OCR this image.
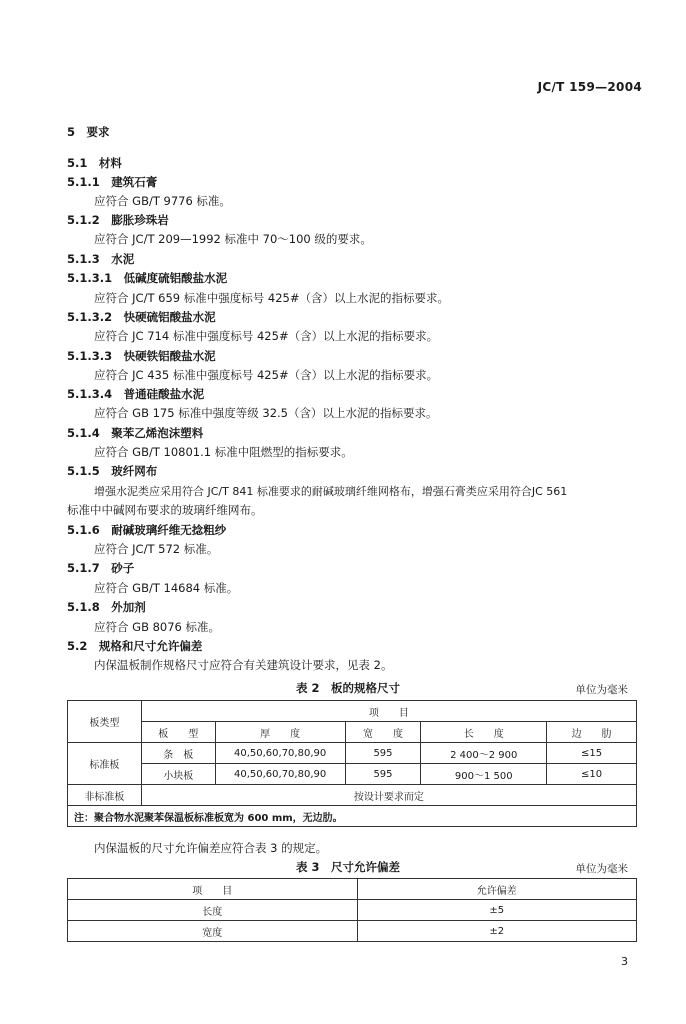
JC/T 159—2004
5　要求
5.1　材料
5.1.1　建筑石膏
应符合 GB/T 9776 标准。
5.1.2　膨胀珍珠岩
应符合 JC/T 209—1992 标准中 70～100 级的要求。
5.1.3　水泥
5.1.3.1　低碱度硫铝酸盐水泥
应符合 JC/T 659 标准中强度标号 425#（含）以上水泥的指标要求。
5.1.3.2　快硬硫铝酸盐水泥
应符合 JC 714 标准中强度标号 425#（含）以上水泥的指标要求。
5.1.3.3　快硬铁铝酸盐水泥
应符合 JC 435 标准中强度标号 425#（含）以上水泥的指标要求。
5.1.3.4　普通硅酸盐水泥
应符合 GB 175 标准中强度等级 32.5（含）以上水泥的指标要求。
5.1.4　聚苯乙烯泡沫塑料
应符合 GB/T 10801.1 标准中阻燃型的指标要求。
5.1.5　玻纤网布
增强水泥类应采用符合 JC/T 841 标准要求的耐碱玻璃纤维网格布，增强石膏类应采用符合JC 561
标准中中碱网布要求的玻璃纤维网布。
5.1.6　耐碱玻璃纤维无捻粗纱
应符合 JC/T 572 标准。
5.1.7　砂子
应符合 GB/T 14684 标准。
5.1.8　外加剂
应符合 GB 8076 标准。
5.2　规格和尺寸允许偏差
内保温板制作规格尺寸应符合有关建筑设计要求，见表 2。
表 2　板的规格尺寸	单位为毫米
板类型	项　　目				
	板　　型	厚　　度	宽　　度	长　　度	边　　肋
标准板	条　板	40,50,60,70,80,90	595	2 400～2 900	≤15
	小块板	40,50,60,70,80,90	595	900～1 500	≤10
非标准板	按设计要求而定				
注：聚合物水泥聚苯保温板标准板宽为 600 mm，无边肋。					
内保温板的尺寸允许偏差应符合表 3 的规定。
表 3　尺寸允许偏差	单位为毫米
项　　目	允许偏差
长度	±5
宽度	±2
3
